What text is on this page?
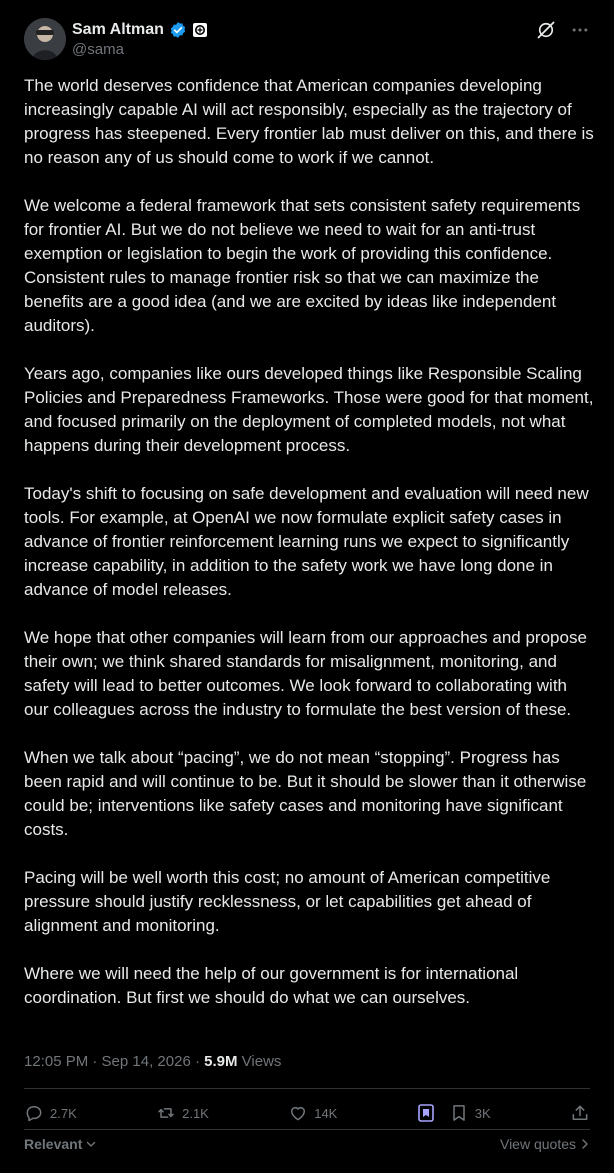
Sam Altman
@sama

The world deserves confidence that American companies developing increasingly capable AI will act responsibly, especially as the trajectory of progress has steepened. Every frontier lab must deliver on this, and there is no reason any of us should come to work if we cannot.

We welcome a federal framework that sets consistent safety requirements for frontier AI. But we do not believe we need to wait for an anti-trust exemption or legislation to begin the work of providing this confidence. Consistent rules to manage frontier risk so that we can maximize the benefits are a good idea (and we are excited by ideas like independent auditors).

Years ago, companies like ours developed things like Responsible Scaling Policies and Preparedness Frameworks. Those were good for that moment, and focused primarily on the deployment of completed models, not what happens during their development process.

Today's shift to focusing on safe development and evaluation will need new tools. For example, at OpenAI we now formulate explicit safety cases in advance of frontier reinforcement learning runs we expect to significantly increase capability, in addition to the safety work we have long done in advance of model releases.

We hope that other companies will learn from our approaches and propose their own; we think shared standards for misalignment, monitoring, and safety will lead to better outcomes. We look forward to collaborating with our colleagues across the industry to formulate the best version of these.

When we talk about “pacing”, we do not mean “stopping”. Progress has been rapid and will continue to be. But it should be slower than it otherwise could be; interventions like safety cases and monitoring have significant costs.

Pacing will be well worth this cost; no amount of American competitive pressure should justify recklessness, or let capabilities get ahead of alignment and monitoring.

Where we will need the help of our government is for international coordination. But first we should do what we can ourselves.

12:05 PM · Sep 14, 2026 · 5.9M Views
2.7K	2.1K	14K	3K
Relevant	View quotes
